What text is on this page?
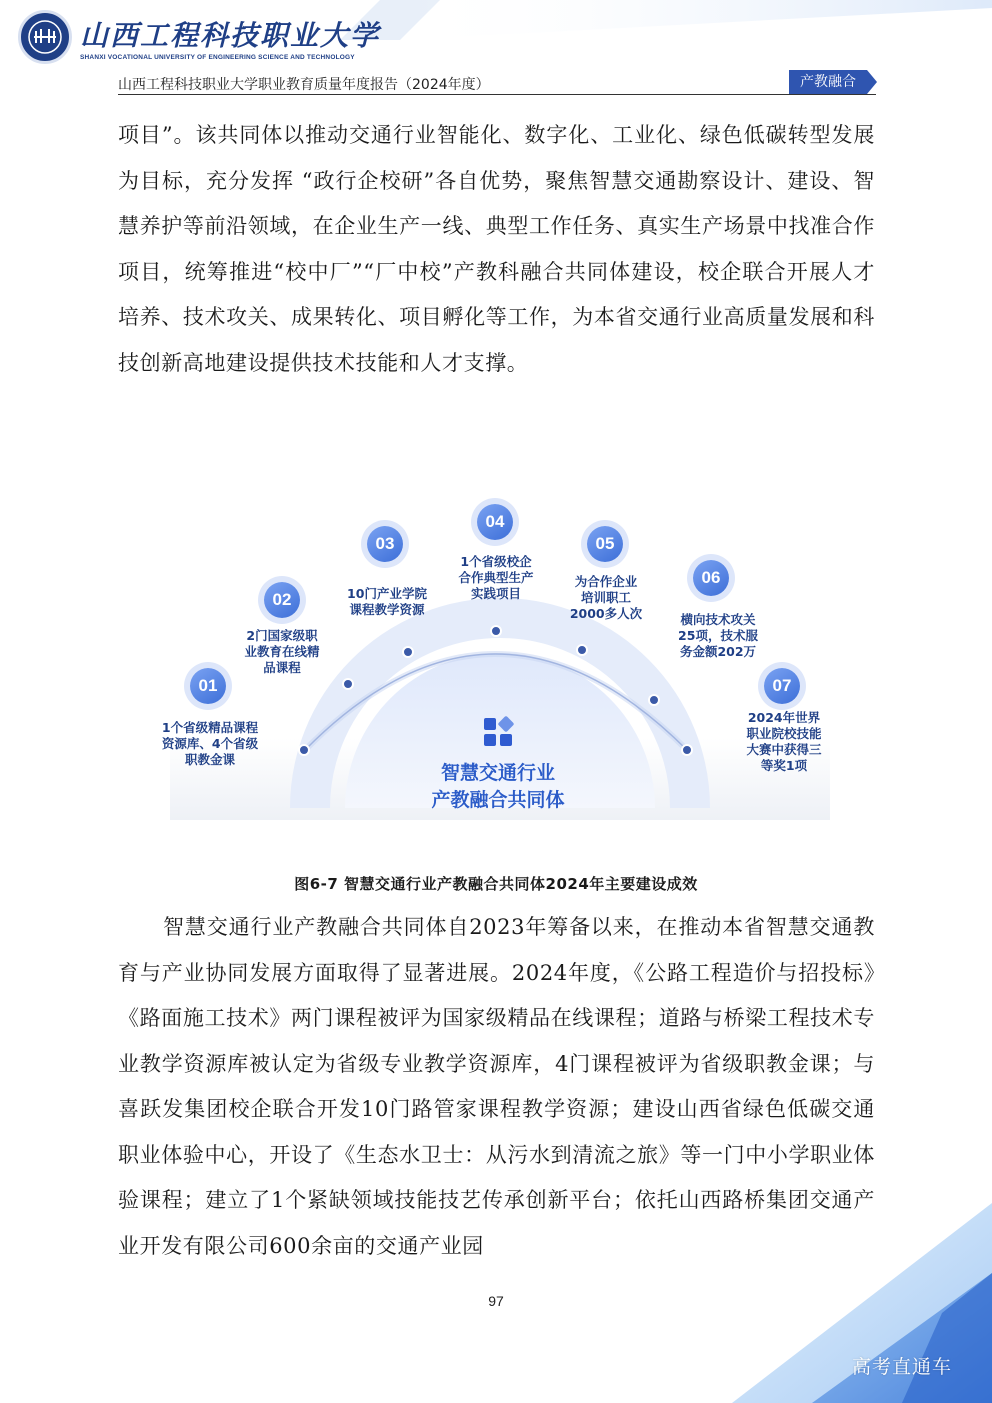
山西工程科技职业大学
SHANXI VOCATIONAL UNIVERSITY OF ENGINEERING SCIENCE AND TECHNOLOGY
山西工程科技职业大学职业教育质量年度报告（2024年度）	产教融合
项目”。该共同体以推动交通行业智能化、数字化、工业化、绿色低碳转型发展为目标，充分发挥 “政行企校研”各自优势，聚焦智慧交通勘察设计、建设、智慧养护等前沿领域，在企业生产一线、典型工作任务、真实生产场景中找准合作项目，统筹推进“校中厂”“厂中校”产教科融合共同体建设，校企联合开展人才培养、技术攻关、成果转化、项目孵化等工作，为本省交通行业高质量发展和科技创新高地建设提供技术技能和人才支撑。
智慧交通行业
产教融合共同体
01
1个省级精品课程
资源库、4个省级
职教金课
02
2门国家级职
业教育在线精
品课程
03
10门产业学院
课程教学资源
04
1个省级校企
合作典型生产
实践项目
05
为合作企业
培训职工
2000多人次
06
横向技术攻关
25项，技术服
务金额202万
07
2024年世界
职业院校技能
大赛中获得三
等奖1项
图6-7 智慧交通行业产教融合共同体2024年主要建设成效
智慧交通行业产教融合共同体自2023年筹备以来，在推动本省智慧交通教育与产业协同发展方面取得了显著进展。2024年度，《公路工程造价与招投标》《路面施工技术》两门课程被评为国家级精品在线课程；道路与桥梁工程技术专业教学资源库被认定为省级专业教学资源库，4门课程被评为省级职教金课；与喜跃发集团校企联合开发10门路管家课程教学资源；建设山西省绿色低碳交通职业体验中心，开设了《生态水卫士：从污水到清流之旅》等一门中小学职业体验课程；建立了1个紧缺领域技能技艺传承创新平台；依托山西路桥集团交通产业开发有限公司600余亩的交通产业园
97
高考直通车
